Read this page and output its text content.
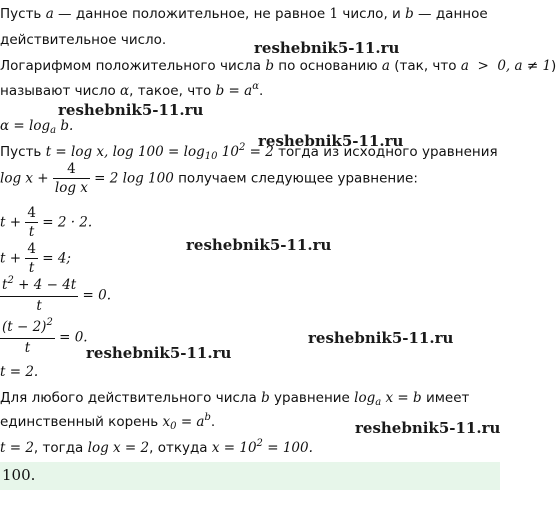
Пусть a — данное положительное, не равное 1 число, и b — данное
действительное число.	reshebnik5-11.ru
Логарифмом положительного числа b по основанию a (так, что a  >  0, a ≠ 1)
называют число α, такое, что $b = a^\alpha$.
reshebnik5-11.ru
$\alpha = \log_a b$.
reshebnik5-11.ru
Пусть t = log x, $\log 100 = \log_{10} 10^2 = 2$ тогда из исходного уравнения
$\log x + \frac{4}{\text{log x}} = 2$ log 100 получаем следующее уравнение:
$t + \frac{4}{t} = 2 \cdot 2$.
$t + \frac{4}{t} = 4$;
reshebnik5-11.ru
$\frac{t^2 + 4 - 4t}{t} = 0$.
$\frac{(t - 2)^2}{t} = 0$.	reshebnik5-11.ru
reshebnik5-11.ru
t = 2.
Для любого действительного числа b уравнение $\log_a x = b$ имеет
единственный корень $x_0 = a^b$.	reshebnik5-11.ru
t = 2, тогда log x = 2, откуда $x = 10^2 = 100$.
100.
